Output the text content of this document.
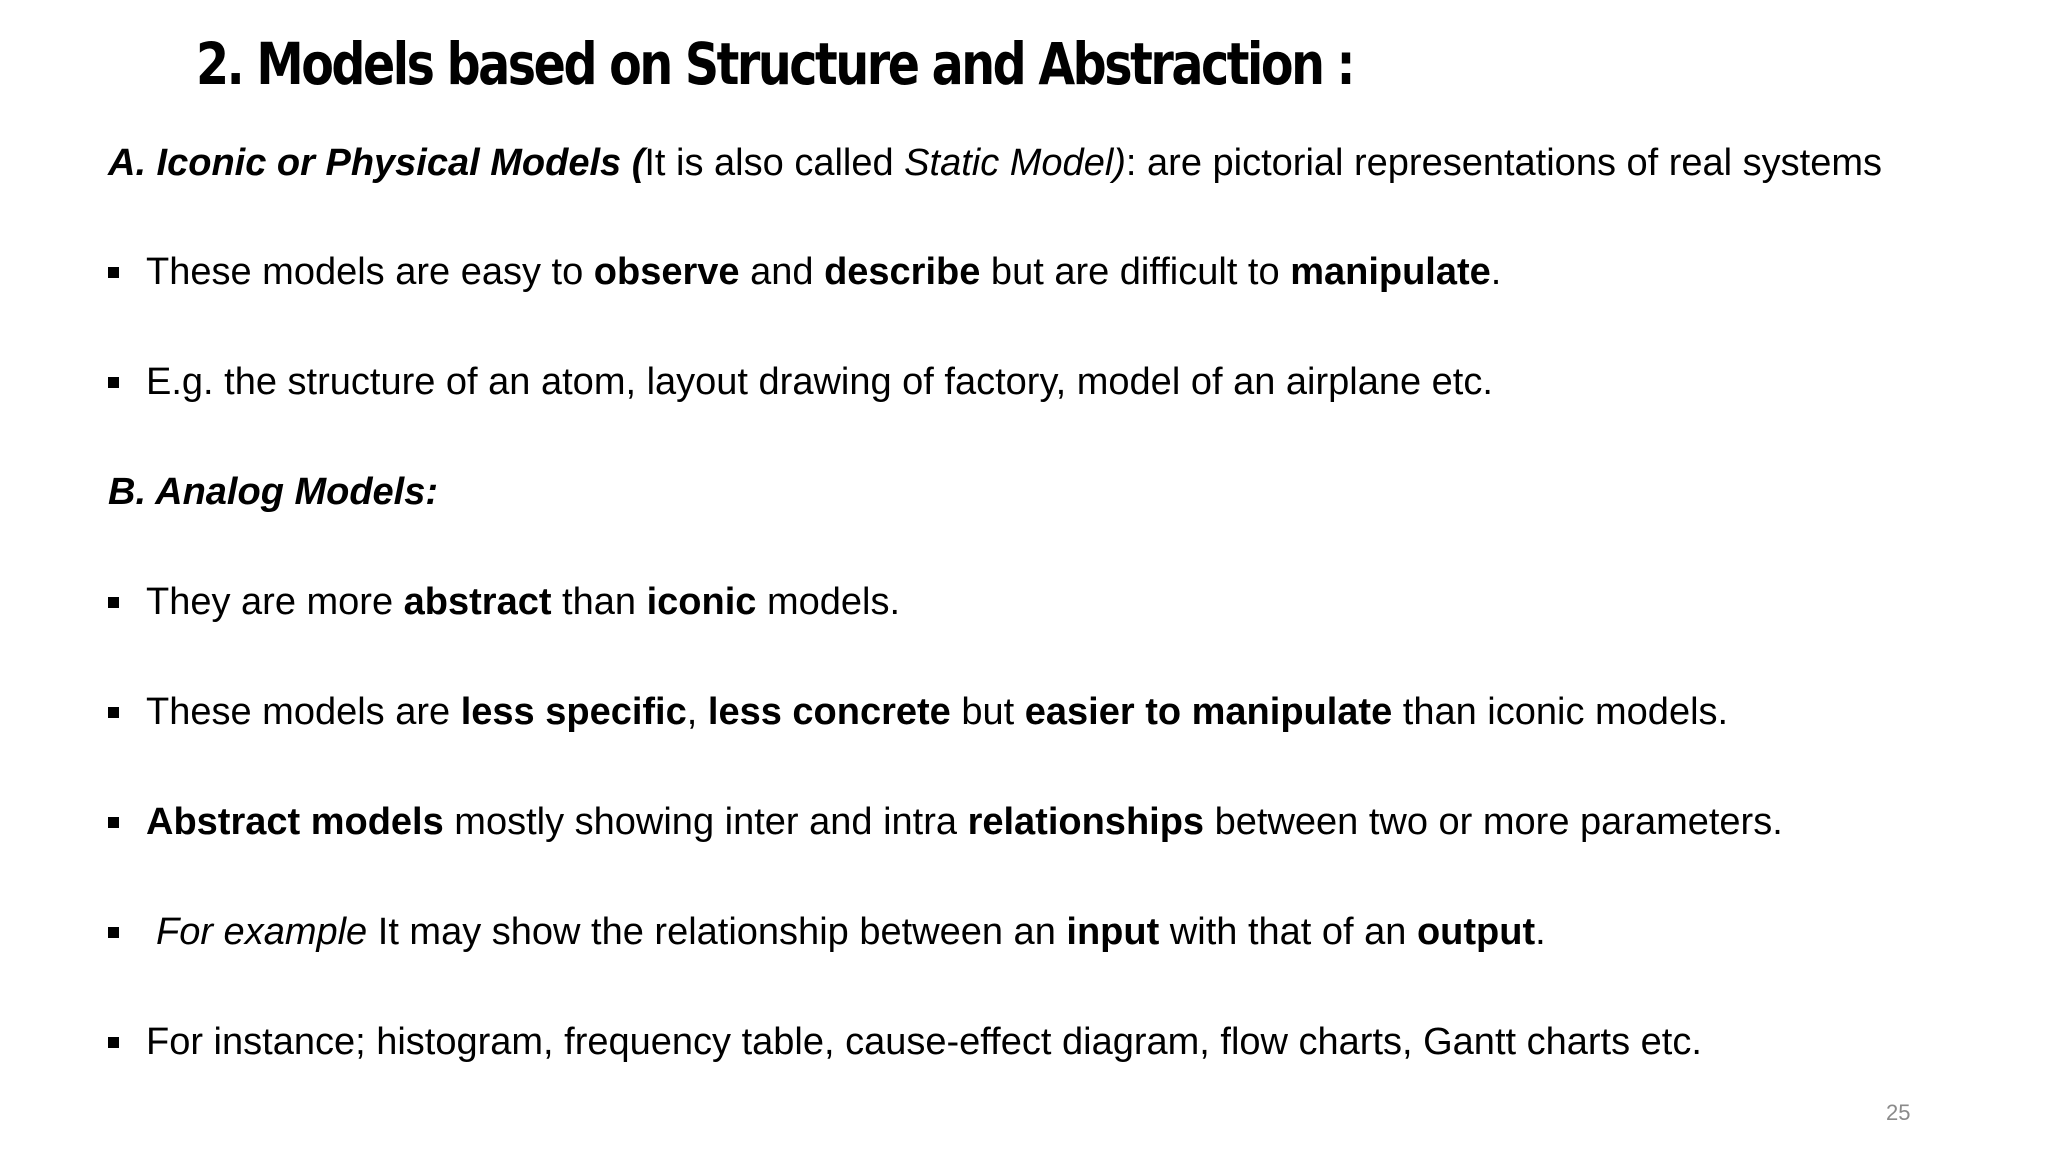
2. Models based on Structure and Abstraction :
A. Iconic or Physical Models (It is also called Static Model): are pictorial representations of real systems
These models are easy to observe and describe but are difficult to manipulate.
E.g. the structure of an atom, layout drawing of factory, model of an airplane etc.
B. Analog Models:
They are more abstract than iconic models.
These models are less specific, less concrete but easier to manipulate than iconic models.
Abstract models mostly showing inter and intra relationships between two or more parameters.
For example It may show the relationship between an input with that of an output.
For instance; histogram, frequency table, cause-effect diagram, flow charts, Gantt charts etc.
25
